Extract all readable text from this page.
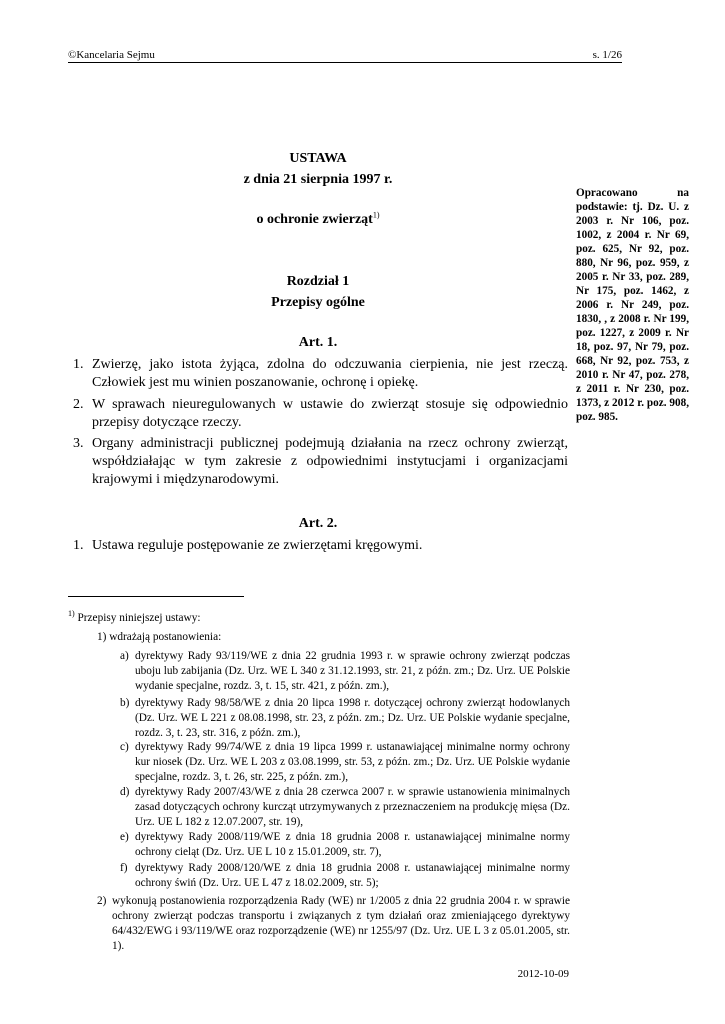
©Kancelaria Sejmu	s. 1/26
USTAWA
z dnia 21 sierpnia 1997 r.
o ochronie zwierząt$^{1)}$
Opracowano na podstawie: tj. Dz. U. z 2003 r. Nr 106, poz. 1002, z 2004 r. Nr 69, poz. 625, Nr 92, poz. 880, Nr 96, poz. 959, z 2005 r. Nr 33, poz. 289, Nr 175, poz. 1462, z 2006 r. Nr 249, poz. 1830, , z 2008 r. Nr 199, poz. 1227, z 2009 r. Nr 18, poz. 97, Nr 79, poz. 668, Nr 92, poz. 753, z 2010 r. Nr 47, poz. 278, z 2011 r. Nr 230, poz. 1373, z 2012 r. poz. 908, poz. 985.
Rozdział 1
Przepisy ogólne
Art. 1.
1. Zwierzę, jako istota żyjąca, zdolna do odczuwania cierpienia, nie jest rzeczą. Człowiek jest mu winien poszanowanie, ochronę i opiekę.
2. W sprawach nieuregulowanych w ustawie do zwierząt stosuje się odpowiednio przepisy dotyczące rzeczy.
3. Organy administracji publicznej podejmują działania na rzecz ochrony zwierząt, współdziałając w tym zakresie z odpowiednimi instytucjami i organizacjami krajowymi i międzynarodowymi.
Art. 2.
1. Ustawa reguluje postępowanie ze zwierzętami kręgowymi.
$^{1)}$ Przepisy niniejszej ustawy:
1) wdrażają postanowienia:
a) dyrektywy Rady 93/119/WE z dnia 22 grudnia 1993 r. w sprawie ochrony zwierząt podczas uboju lub zabijania (Dz. Urz. WE L 340 z 31.12.1993, str. 21, z późn. zm.; Dz. Urz. UE Polskie wydanie specjalne, rozdz. 3, t. 15, str. 421, z późn. zm.),
b) dyrektywy Rady 98/58/WE z dnia 20 lipca 1998 r. dotyczącej ochrony zwierząt hodowlanych (Dz. Urz. WE L 221 z 08.08.1998, str. 23, z późn. zm.; Dz. Urz. UE Polskie wydanie specjalne, rozdz. 3, t. 23, str. 316, z późn. zm.),
c) dyrektywy Rady 99/74/WE z dnia 19 lipca 1999 r. ustanawiającej minimalne normy ochrony kur niosek (Dz. Urz. WE L 203 z 03.08.1999, str. 53, z późn. zm.; Dz. Urz. UE Polskie wydanie specjalne, rozdz. 3, t. 26, str. 225, z późn. zm.),
d) dyrektywy Rady 2007/43/WE z dnia 28 czerwca 2007 r. w sprawie ustanowienia minimalnych zasad dotyczących ochrony kurcząt utrzymywanych z przeznaczeniem na produkcję mięsa (Dz. Urz. UE L 182 z 12.07.2007, str. 19),
e) dyrektywy Rady 2008/119/WE z dnia 18 grudnia 2008 r. ustanawiającej minimalne normy ochrony cieląt (Dz. Urz. UE L 10 z 15.01.2009, str. 7),
f) dyrektywy Rady 2008/120/WE z dnia 18 grudnia 2008 r. ustanawiającej minimalne normy ochrony świń (Dz. Urz. UE L 47 z 18.02.2009, str. 5);
2) wykonują postanowienia rozporządzenia Rady (WE) nr 1/2005 z dnia 22 grudnia 2004 r. w sprawie ochrony zwierząt podczas transportu i związanych z tym działań oraz zmieniającego dyrektywy 64/432/EWG i 93/119/WE oraz rozporządzenie (WE) nr 1255/97 (Dz. Urz. UE L 3 z 05.01.2005, str. 1).
2012-10-09
